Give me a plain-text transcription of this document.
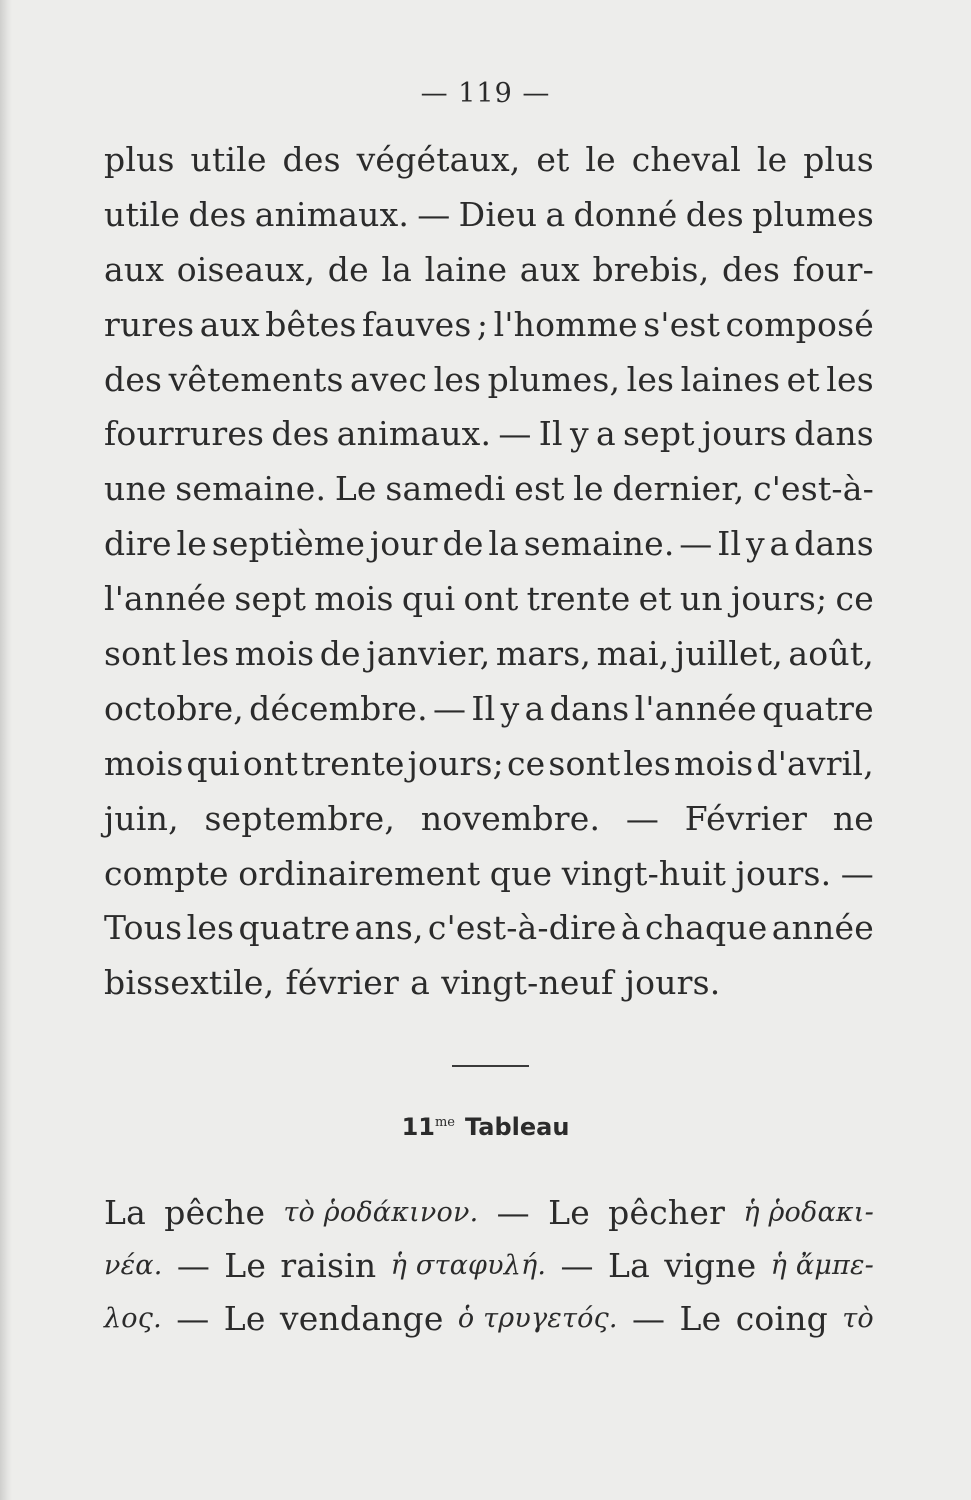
— 119 —
plus utile des végétaux, et le cheval le plus
utile des animaux. — Dieu a donné des plumes
aux oiseaux, de la laine aux brebis, des four-
rures aux bêtes fauves ; l'homme s'est composé
des vêtements avec les plumes, les laines et les
fourrures des animaux. — Il y a sept jours dans
une semaine. Le samedi est le dernier, c'est-à-
dire le septième jour de la semaine. — Il y a dans
l'année sept mois qui ont trente et un jours; ce
sont les mois de janvier, mars, mai, juillet, août,
octobre, décembre. — Il y a dans l'année quatre
mois qui ont trente jours; ce sont les mois d'avril,
juin, septembre, novembre. — Février ne
compte ordinairement que vingt-huit jours. —
Tous les quatre ans, c'est-à-dire à chaque année
bissextile, février a vingt-neuf jours.
$11^{me}$ Tableau
La pêche τὸ ῥοδάκινον. — Le pêcher ἡ ῥοδακι-
νέα. — Le raisin ἡ σταφυλή. — La vigne ἡ ἄμπε-
λος. — Le vendange ὁ τρυγετός. — Le coing τὸ
